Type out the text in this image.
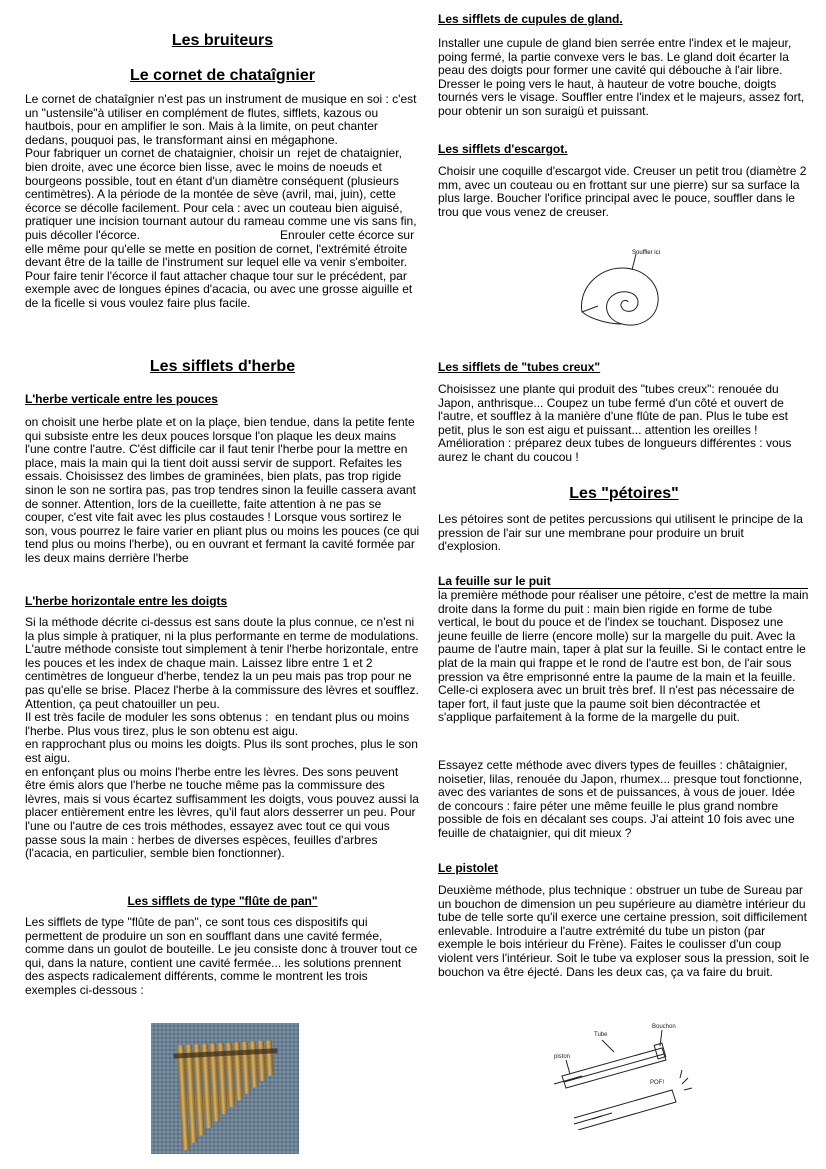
Les bruiteurs
Le cornet de chataîgnier

Le cornet de chataîgnier n'est pas un instrument de musique en soi : c'est un "ustensile"à utiliser en complément de flutes, sifflets, kazous ou hautbois, pour en amplifier le son. Mais à la limite, on peut chanter dedans, pouquoi pas, le transformant ainsi en mégaphone.
Pour fabriquer un cornet de chataignier, choisir un  rejet de chataignier, bien droite, avec une écorce bien lisse, avec le moins de noeuds et bourgeons possible, tout en étant d'un diamètre conséquent (plusieurs centimètres). A la période de la montée de sève (avril, mai, juin), cette écorce se décolle facilement. Pour cela : avec un couteau bien aiguisé, pratiquer une incision tournant autour du rameau comme une vis sans fin, puis décoller l'écorce.                                          Enrouler cette écorce sur elle même pour qu'elle se mette en position de cornet, l'extrémité étroite devant être de la taille de l'instrument sur lequel elle va venir s'emboiter.                                              Pour faire tenir l'écorce il faut attacher chaque tour sur le précédent, par exemple avec de longues épines d'acacia, ou avec une grosse aiguille et de la ficelle si vous voulez faire plus facile.

Les sifflets d'herbe
L'herbe verticale entre les pouces

on choisit une herbe plate et on la plaçe, bien tendue, dans la petite fente qui subsiste entre les deux pouces lorsque l'on plaque les deux mains l'une contre l'autre. C'ést difficile car il faut tenir l'herbe pour la mettre en place, mais la main qui la tient doit aussi servir de support. Refaites les essais. Choisissez des limbes de graminées, bien plats, pas trop rigide sinon le son ne sortira pas, pas trop tendres sinon la feuille cassera avant de sonner. Attention, lors de la cueillette, faite attention à ne pas se couper, c'est vite fait avec les plus costaudes ! Lorsque vous sortirez le son, vous pourrez le faire varier en pliant plus ou moins les pouces (ce qui tend plus ou moins l'herbe), ou en ouvrant et fermant la cavité formée par les deux mains derrière l'herbe

L'herbe horizontale entre les doigts

Si la méthode décrite ci-dessus est sans doute la plus connue, ce n'est ni la plus simple à pratiquer, ni la plus performante en terme de modulations. L'autre méthode consiste tout simplement à tenir l'herbe horizontale, entre les pouces et les index de chaque main. Laissez libre entre 1 et 2 centimètres de longueur d'herbe, tendez la un peu mais pas trop pour ne pas qu'elle se brise. Placez l'herbe à la commissure des lèvres et soufflez. Attention, ça peut chatouiller un peu.
Il est très facile de moduler les sons obtenus :  en tendant plus ou moins l'herbe. Plus vous tirez, plus le son obtenu est aigu.
en rapprochant plus ou moins les doigts. Plus ils sont proches, plus le son est aigu.
en enfonçant plus ou moins l'herbe entre les lèvres. Des sons peuvent être émis alors que l'herbe ne touche même pas la commissure des lèvres, mais si vous écartez suffisamment les doigts, vous pouvez aussi la placer entièrement entre les lèvres, qu'il faut alors desserrer un peu. Pour l'une ou l'autre de ces trois méthodes, essayez avec tout ce qui vous passe sous la main : herbes de diverses espèces, feuilles d'arbres (l'acacia, en particulier, semble bien fonctionner).

Les sifflets de type "flûte de pan"

Les sifflets de type "flûte de pan", ce sont tous ces dispositifs qui permettent de produire un son en soufflant dans une cavité fermée, comme dans un goulot de bouteille. Le jeu consiste donc à trouver tout ce qui, dans la nature, contient une cavité fermée... les solutions prennent des aspects radicalement différents, comme le montrent les trois exemples ci-dessous :

Les sifflets de cupules de gland.

Installer une cupule de gland bien serrée entre l'index et le majeur, poing fermé, la partie convexe vers le bas. Le gland doit écarter la peau des doigts pour former une cavité qui débouche à l'air libre. Dresser le poing vers le haut, à hauteur de votre bouche, doigts tournés vers le visage. Souffler entre l'index et le majeurs, assez fort, pour obtenir un son suraigü et puissant.

Les sifflets d'escargot.

Choisir une coquille d'escargot vide. Creuser un petit trou (diamètre 2 mm, avec un couteau ou en frottant sur une pierre) sur sa surface la plus large. Boucher l'orifice principal avec le pouce, souffler dans le trou que vous venez de creuser.

Souffler ici
Les sifflets de "tubes creux"

Choisissez une plante qui produit des "tubes creux": renouée du Japon, anthrisque... Coupez un tube fermé d'un côté et ouvert de l'autre, et soufflez à la manière d'une flûte de pan. Plus le tube est petit, plus le son est aigu et puissant... attention les oreilles !
Amélioration : préparez deux tubes de longueurs différentes : vous aurez le chant du coucou !

Les "pétoires"

Les pétoires sont de petites percussions qui utilisent le principe de la pression de l'air sur une membrane pour produire un bruit d'explosion.

La feuille sur le puit

la première méthode pour réaliser une pétoire, c'est de mettre la main droite dans la forme du puit : main bien rigide en forme de tube vertical, le bout du pouce et de l'index se touchant. Disposez une jeune feuille de lierre (encore molle) sur la margelle du puit. Avec la paume de l'autre main, taper à plat sur la feuille. Si le contact entre le plat de la main qui frappe et le rond de l'autre est bon, de l'air sous pression va être emprisonné entre la paume de la main et la feuille. Celle-ci explosera avec un bruit très bref. Il n'est pas nécessaire de taper fort, il faut juste que la paume soit bien décontractée et s'applique parfaitement à la forme de la margelle du puit.

Essayez cette méthode avec divers types de feuilles : châtaignier, noisetier, lilas, renouée du Japon, rhumex... presque tout fonctionne, avec des variantes de sons et de puissances, à vous de jouer. Idée de concours : faire péter une même feuille le plus grand nombre possible de fois en décalant ses coups. J'ai atteint 10 fois avec une feuille de chataignier, qui dit mieux ?

Le pistolet

Deuxième méthode, plus technique : obstruer un tube de Sureau par un bouchon de dimension un peu supérieure au diamètre intérieur du tube de telle sorte qu'il exerce une certaine pression, soit difficilement enlevable. Introduire a l'autre extrémité du tube un piston (par exemple le bois intérieur du Frène). Faites le coulisser d'un coup violent vers l'intérieur. Soit le tube va exploser sous la pression, soit le bouchon va être éjecté. Dans les deux cas, ça va faire du bruit.

Tube
Bouchon
piston
POF!
